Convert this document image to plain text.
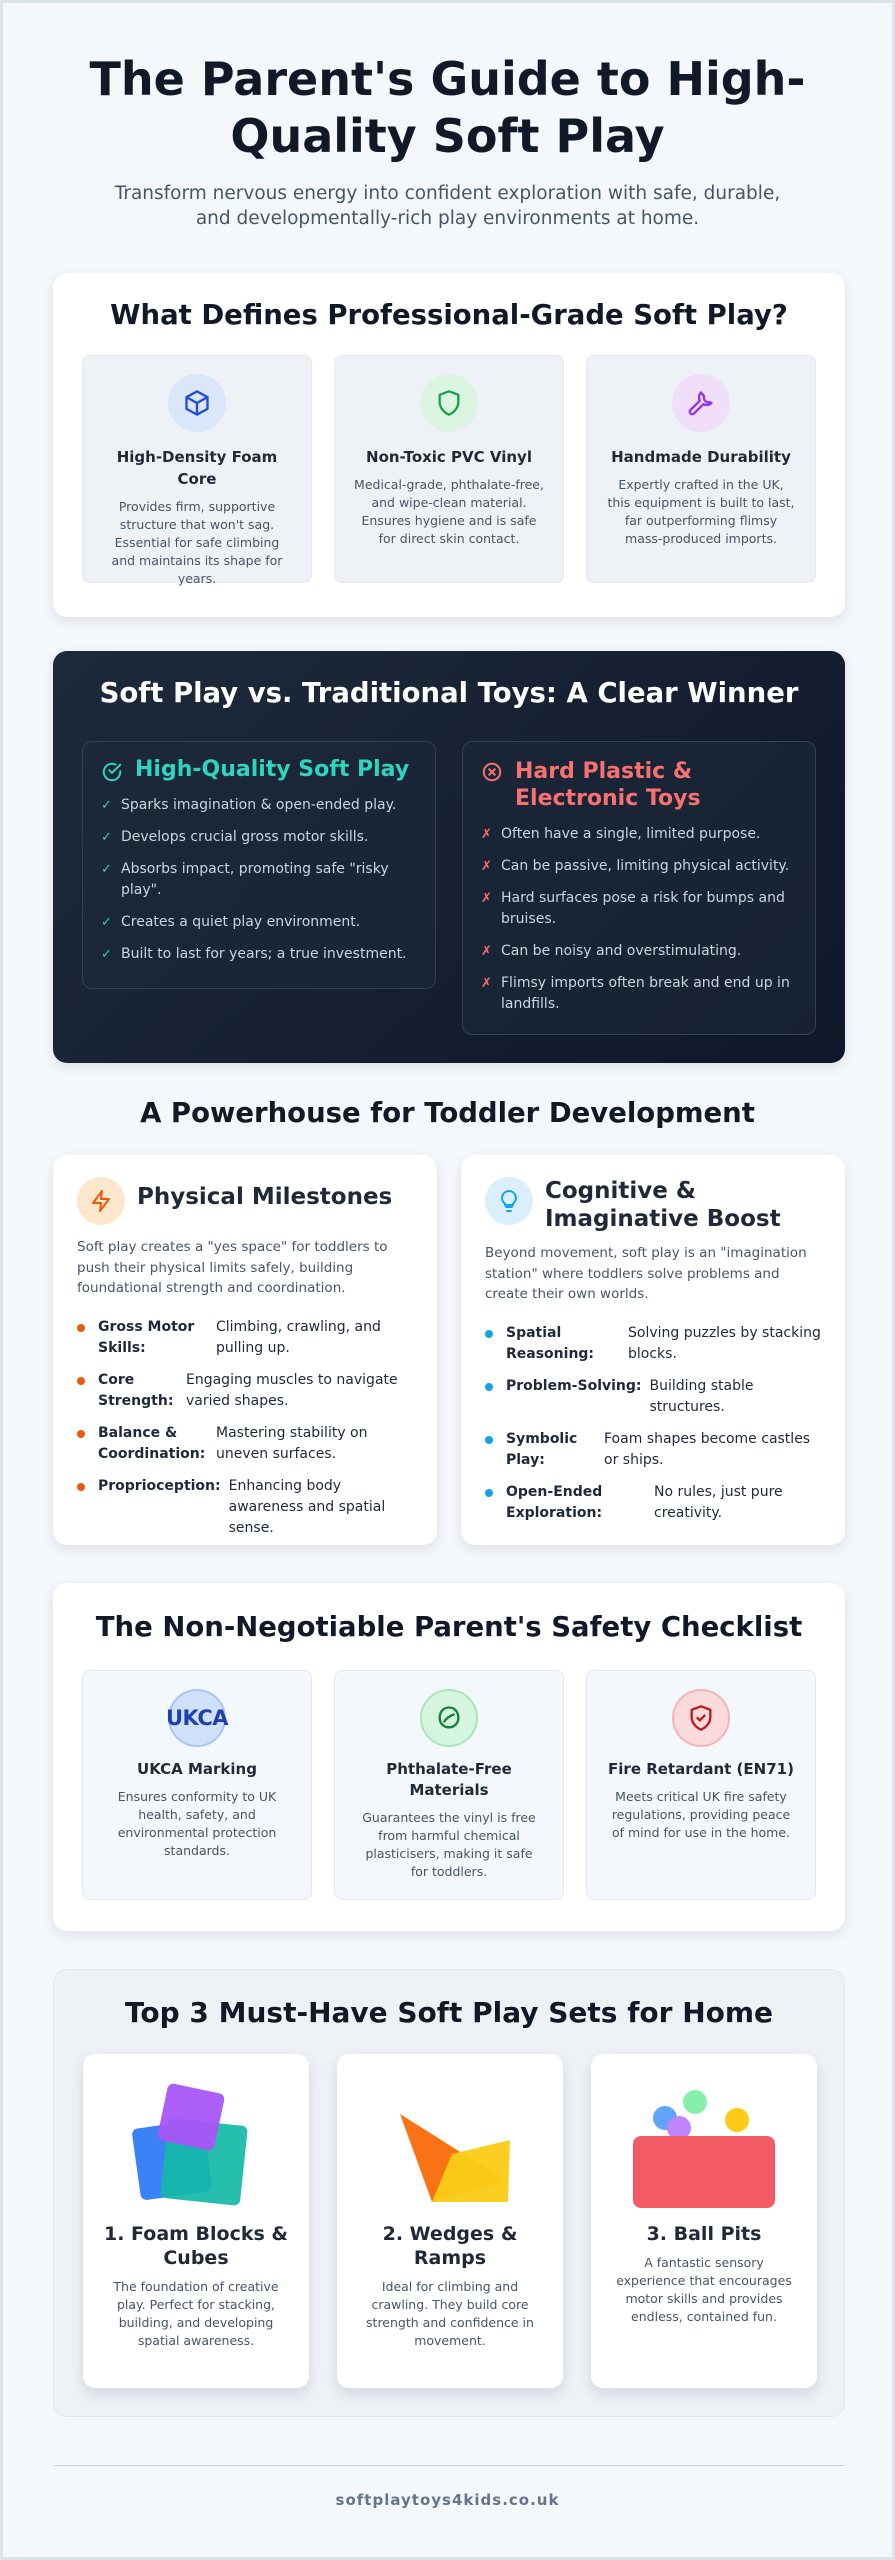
The Parent's Guide to High-Quality Soft Play

Transform nervous energy into confident exploration with safe, durable, and developmentally-rich play environments at home.

What Defines Professional-Grade Soft Play?
High-Density Foam Core

Provides firm, supportive structure that won't sag. Essential for safe climbing and maintains its shape for years.

Non-Toxic PVC Vinyl

Medical-grade, phthalate-free, and wipe-clean material. Ensures hygiene and is safe for direct skin contact.

Handmade Durability

Expertly crafted in the UK, this equipment is built to last, far outperforming flimsy mass-produced imports.

Soft Play vs. Traditional Toys: A Clear Winner
High-Quality Soft Play
✓ Sparks imagination & open-ended play.
✓ Develops crucial gross motor skills.
✓ Absorbs impact, promoting safe "risky play".
✓ Creates a quiet play environment.
✓ Built to last for years; a true investment.
Hard Plastic & Electronic Toys
✗ Often have a single, limited purpose.
✗ Can be passive, limiting physical activity.
✗ Hard surfaces pose a risk for bumps and bruises.
✗ Can be noisy and overstimulating.
✗ Flimsy imports often break and end up in landfills.
A Powerhouse for Toddler Development
Physical Milestones

Soft play creates a "yes space" for toddlers to push their physical limits safely, building foundational strength and coordination.

Gross Motor Skills:
Climbing, crawling, and pulling up.
Core Strength:
Engaging muscles to navigate varied shapes.
Balance & Coordination:
Mastering stability on uneven surfaces.
Proprioception: Enhancing body awareness and spatial sense.
Cognitive & Imaginative Boost

Beyond movement, soft play is an "imagination station" where toddlers solve problems and create their own worlds.

Spatial Reasoning:
Solving puzzles by stacking blocks.
Problem-Solving: Building stable structures.
Symbolic Play:
Foam shapes become castles or ships.
Open-Ended Exploration:
No rules, just pure creativity.
The Non-Negotiable Parent's Safety Checklist
UKCA
UKCA Marking

Ensures conformity to UK health, safety, and environmental protection standards.

Phthalate-Free Materials

Guarantees the vinyl is free from harmful chemical plasticisers, making it safe for toddlers.

Fire Retardant (EN71)

Meets critical UK fire safety regulations, providing peace of mind for use in the home.

Top 3 Must-Have Soft Play Sets for Home
1. Foam Blocks & Cubes

The foundation of creative play. Perfect for stacking, building, and developing spatial awareness.

2. Wedges & Ramps

Ideal for climbing and crawling. They build core strength and confidence in movement.

3. Ball Pits

A fantastic sensory experience that encourages motor skills and provides endless, contained fun.

softplaytoys4kids.co.uk
